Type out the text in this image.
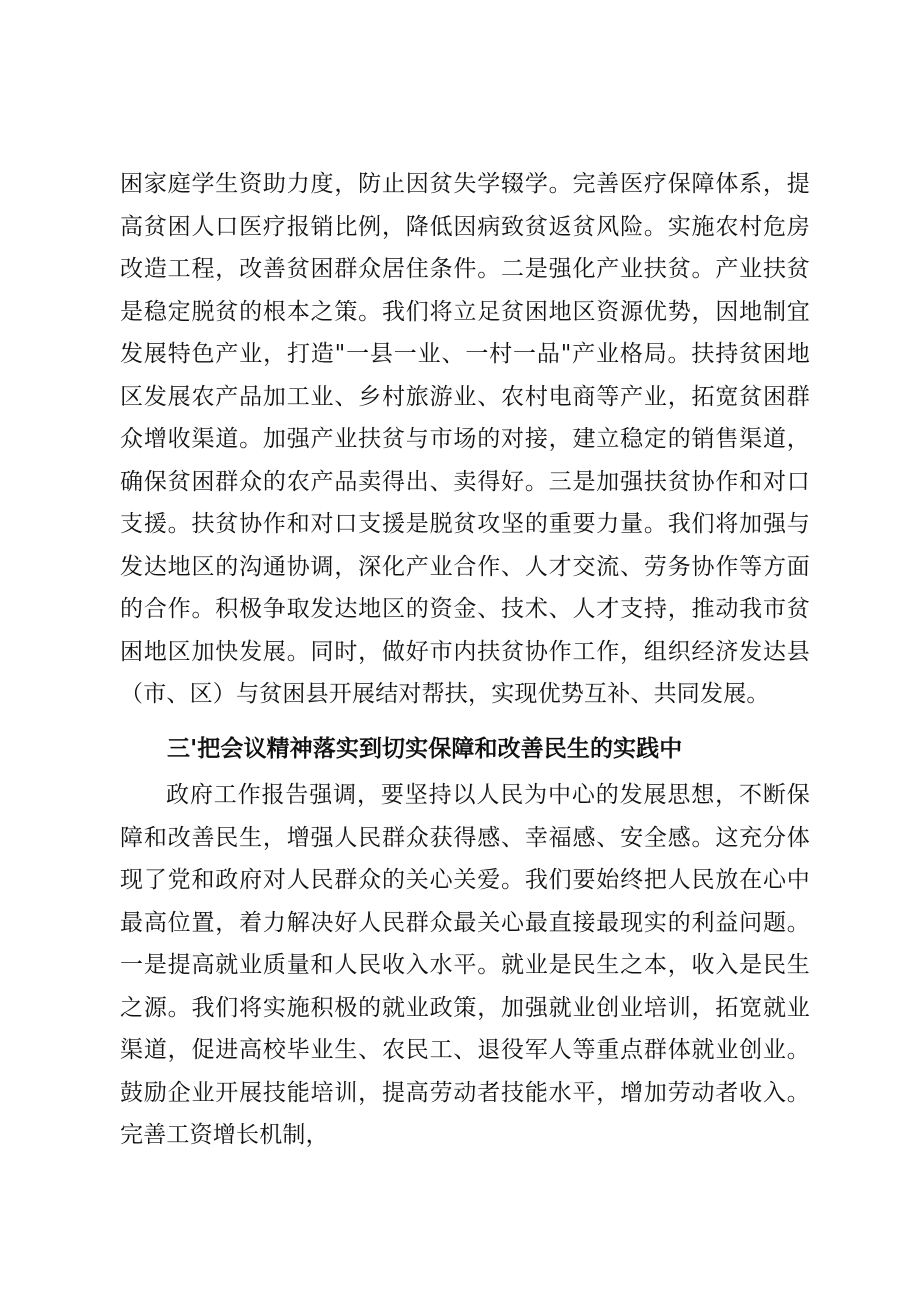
困家庭学生资助力度，防止因贫失学辍学。完善医疗保障体系，提高贫困人口医疗报销比例，降低因病致贫返贫风险。实施农村危房改造工程，改善贫困群众居住条件。二是强化产业扶贫。产业扶贫是稳定脱贫的根本之策。我们将立足贫困地区资源优势，因地制宜发展特色产业，打造"一县一业、一村一品"产业格局。扶持贫困地区发展农产品加工业、乡村旅游业、农村电商等产业，拓宽贫困群众增收渠道。加强产业扶贫与市场的对接，建立稳定的销售渠道，确保贫困群众的农产品卖得出、卖得好。三是加强扶贫协作和对口支援。扶贫协作和对口支援是脱贫攻坚的重要力量。我们将加强与发达地区的沟通协调，深化产业合作、人才交流、劳务协作等方面的合作。积极争取发达地区的资金、技术、人才支持，推动我市贫困地区加快发展。同时，做好市内扶贫协作工作，组织经济发达县（市、区）与贫困县开展结对帮扶，实现优势互补、共同发展。
三'把会议精神落实到切实保障和改善民生的实践中
政府工作报告强调，要坚持以人民为中心的发展思想，不断保障和改善民生，增强人民群众获得感、幸福感、安全感。这充分体现了党和政府对人民群众的关心关爱。我们要始终把人民放在心中最高位置，着力解决好人民群众最关心最直接最现实的利益问题。一是提高就业质量和人民收入水平。就业是民生之本，收入是民生之源。我们将实施积极的就业政策，加强就业创业培训，拓宽就业渠道，促进高校毕业生、农民工、退役军人等重点群体就业创业。鼓励企业开展技能培训，提高劳动者技能水平，增加劳动者收入。完善工资增长机制，
